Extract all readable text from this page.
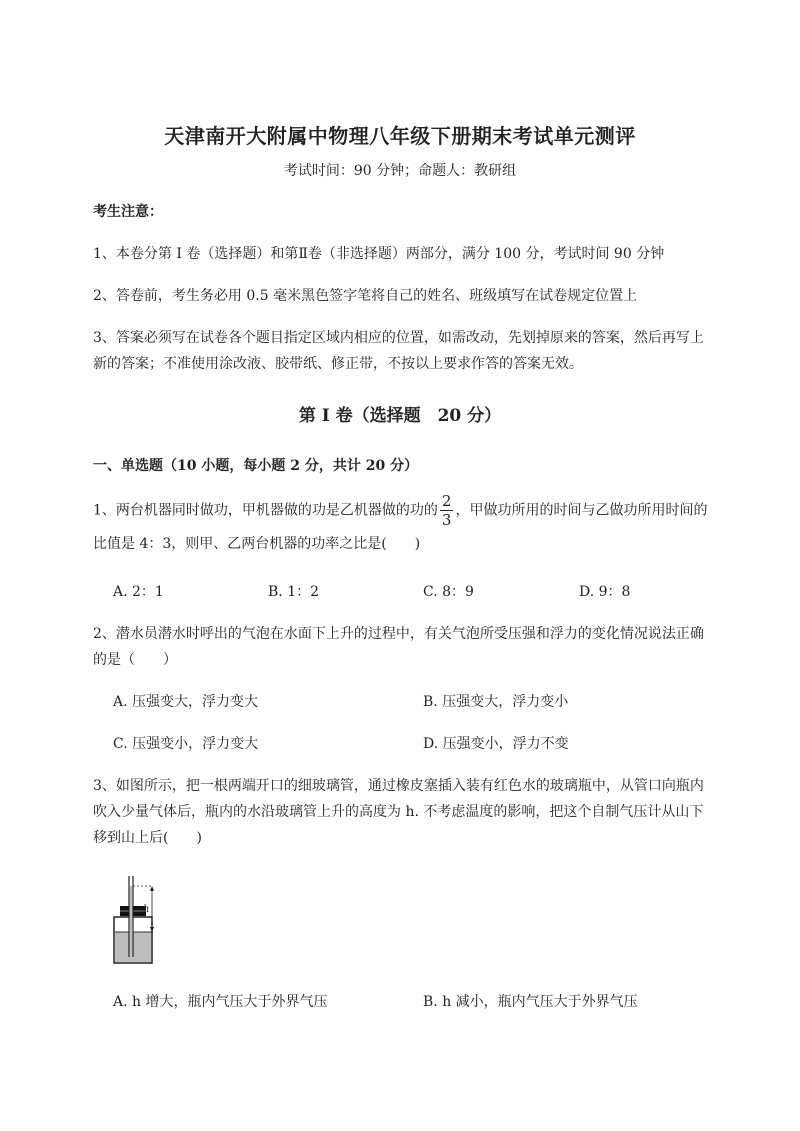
天津南开大附属中物理八年级下册期末考试单元测评
考试时间：90 分钟；命题人：教研组
考生注意：
1、本卷分第 I 卷（选择题）和第Ⅱ卷（非选择题）两部分，满分 100 分，考试时间 90 分钟
2、答卷前，考生务必用 0.5 毫米黑色签字笔将自己的姓名、班级填写在试卷规定位置上
3、答案必须写在试卷各个题目指定区域内相应的位置，如需改动，先划掉原来的答案，然后再写上新的答案；不准使用涂改液、胶带纸、修正带，不按以上要求作答的答案无效。
第 I 卷（选择题　20 分）
一、单选题（10 小题，每小题 2 分，共计 20 分）
1、两台机器同时做功，甲机器做的功是乙机器做的功的 $\frac{2}{3}$ ，甲做功所用的时间与乙做功所用时间的比值是 4：3，则甲、乙两台机器的功率之比是(　　)
A. 2：1	B. 1：2	C. 8：9	D. 9：8
2、潜水员潜水时呼出的气泡在水面下上升的过程中，有关气泡所受压强和浮力的变化情况说法正确的是（　　）
A. 压强变大，浮力变大	B. 压强变大，浮力变小
C. 压强变小，浮力变大	D. 压强变小，浮力不变
3、如图所示，把一根两端开口的细玻璃管，通过橡皮塞插入装有红色水的玻璃瓶中，从管口向瓶内吹入少量气体后，瓶内的水沿玻璃管上升的高度为 h. 不考虑温度的影响，把这个自制气压计从山下移到山上后(　　)
h
A. h 增大，瓶内气压大于外界气压	B. h 减小，瓶内气压大于外界气压
